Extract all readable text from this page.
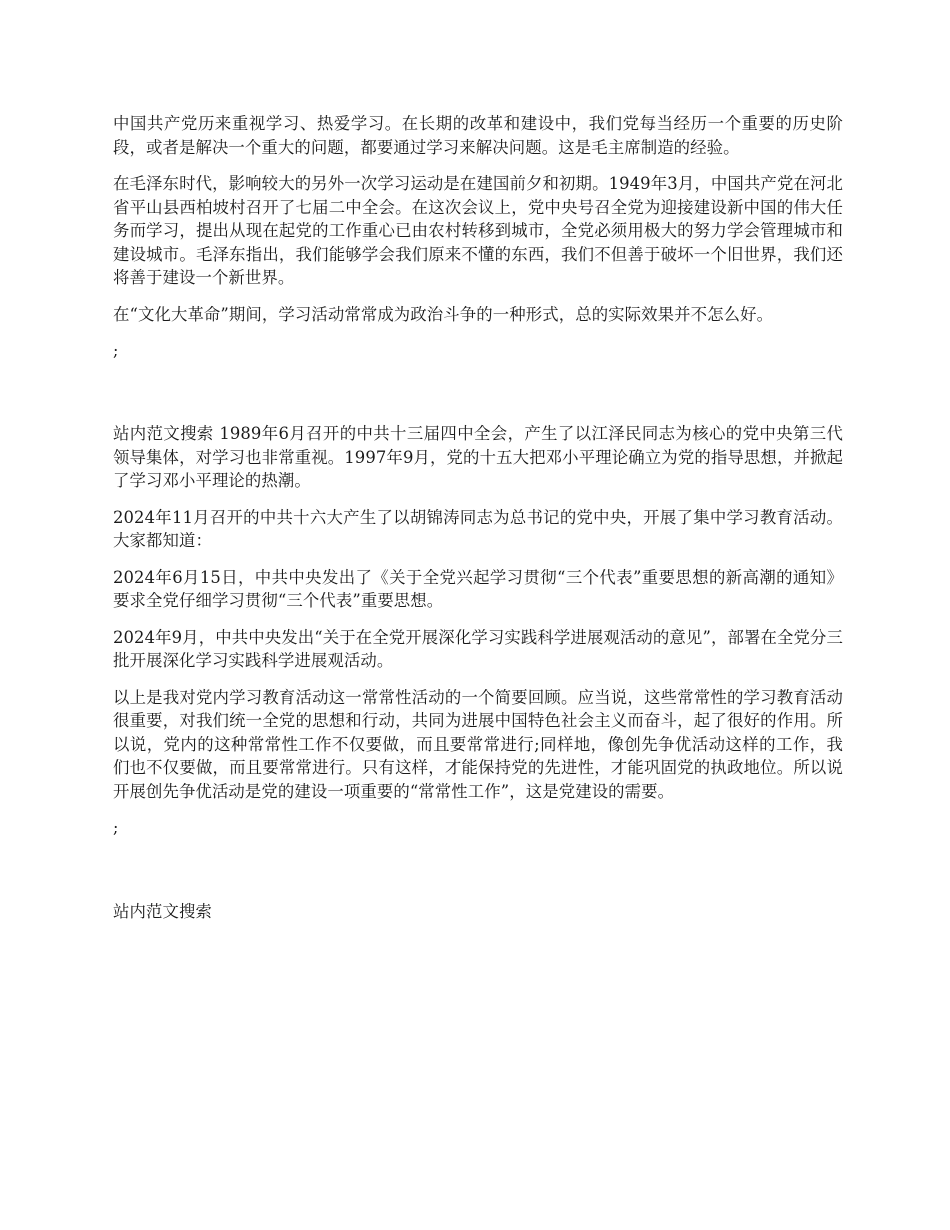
中国共产党历来重视学习、热爱学习。在长期的改革和建设中，我们党每当经历一个重要的历史阶段，或者是解决一个重大的问题，都要通过学习来解决问题。这是毛主席制造的经验。

在毛泽东时代，影响较大的另外一次学习运动是在建国前夕和初期。1949年3月，中国共产党在河北省平山县西柏坡村召开了七届二中全会。在这次会议上，党中央号召全党为迎接建设新中国的伟大任务而学习，提出从现在起党的工作重心已由农村转移到城市，全党必须用极大的努力学会管理城市和建设城市。毛泽东指出，我们能够学会我们原来不懂的东西，我们不但善于破坏一个旧世界，我们还将善于建设一个新世界。

在“文化大革命”期间，学习活动常常成为政治斗争的一种形式，总的实际效果并不怎么好。

;

站内范文搜索 1989年6月召开的中共十三届四中全会，产生了以江泽民同志为核心的党中央第三代领导集体，对学习也非常重视。1997年9月，党的十五大把邓小平理论确立为党的指导思想，并掀起了学习邓小平理论的热潮。

2024年11月召开的中共十六大产生了以胡锦涛同志为总书记的党中央，开展了集中学习教育活动。大家都知道：

2024年6月15日，中共中央发出了《关于全党兴起学习贯彻“三个代表”重要思想的新高潮的通知》要求全党仔细学习贯彻“三个代表”重要思想。

2024年9月，中共中央发出“关于在全党开展深化学习实践科学进展观活动的意见”，部署在全党分三批开展深化学习实践科学进展观活动。

以上是我对党内学习教育活动这一常常性活动的一个简要回顾。应当说，这些常常性的学习教育活动很重要，对我们统一全党的思想和行动，共同为进展中国特色社会主义而奋斗，起了很好的作用。所以说，党内的这种常常性工作不仅要做，而且要常常进行;同样地，像创先争优活动这样的工作，我们也不仅要做，而且要常常进行。只有这样，才能保持党的先进性，才能巩固党的执政地位。所以说开展创先争优活动是党的建设一项重要的“常常性工作”，这是党建设的需要。

;

站内范文搜索
